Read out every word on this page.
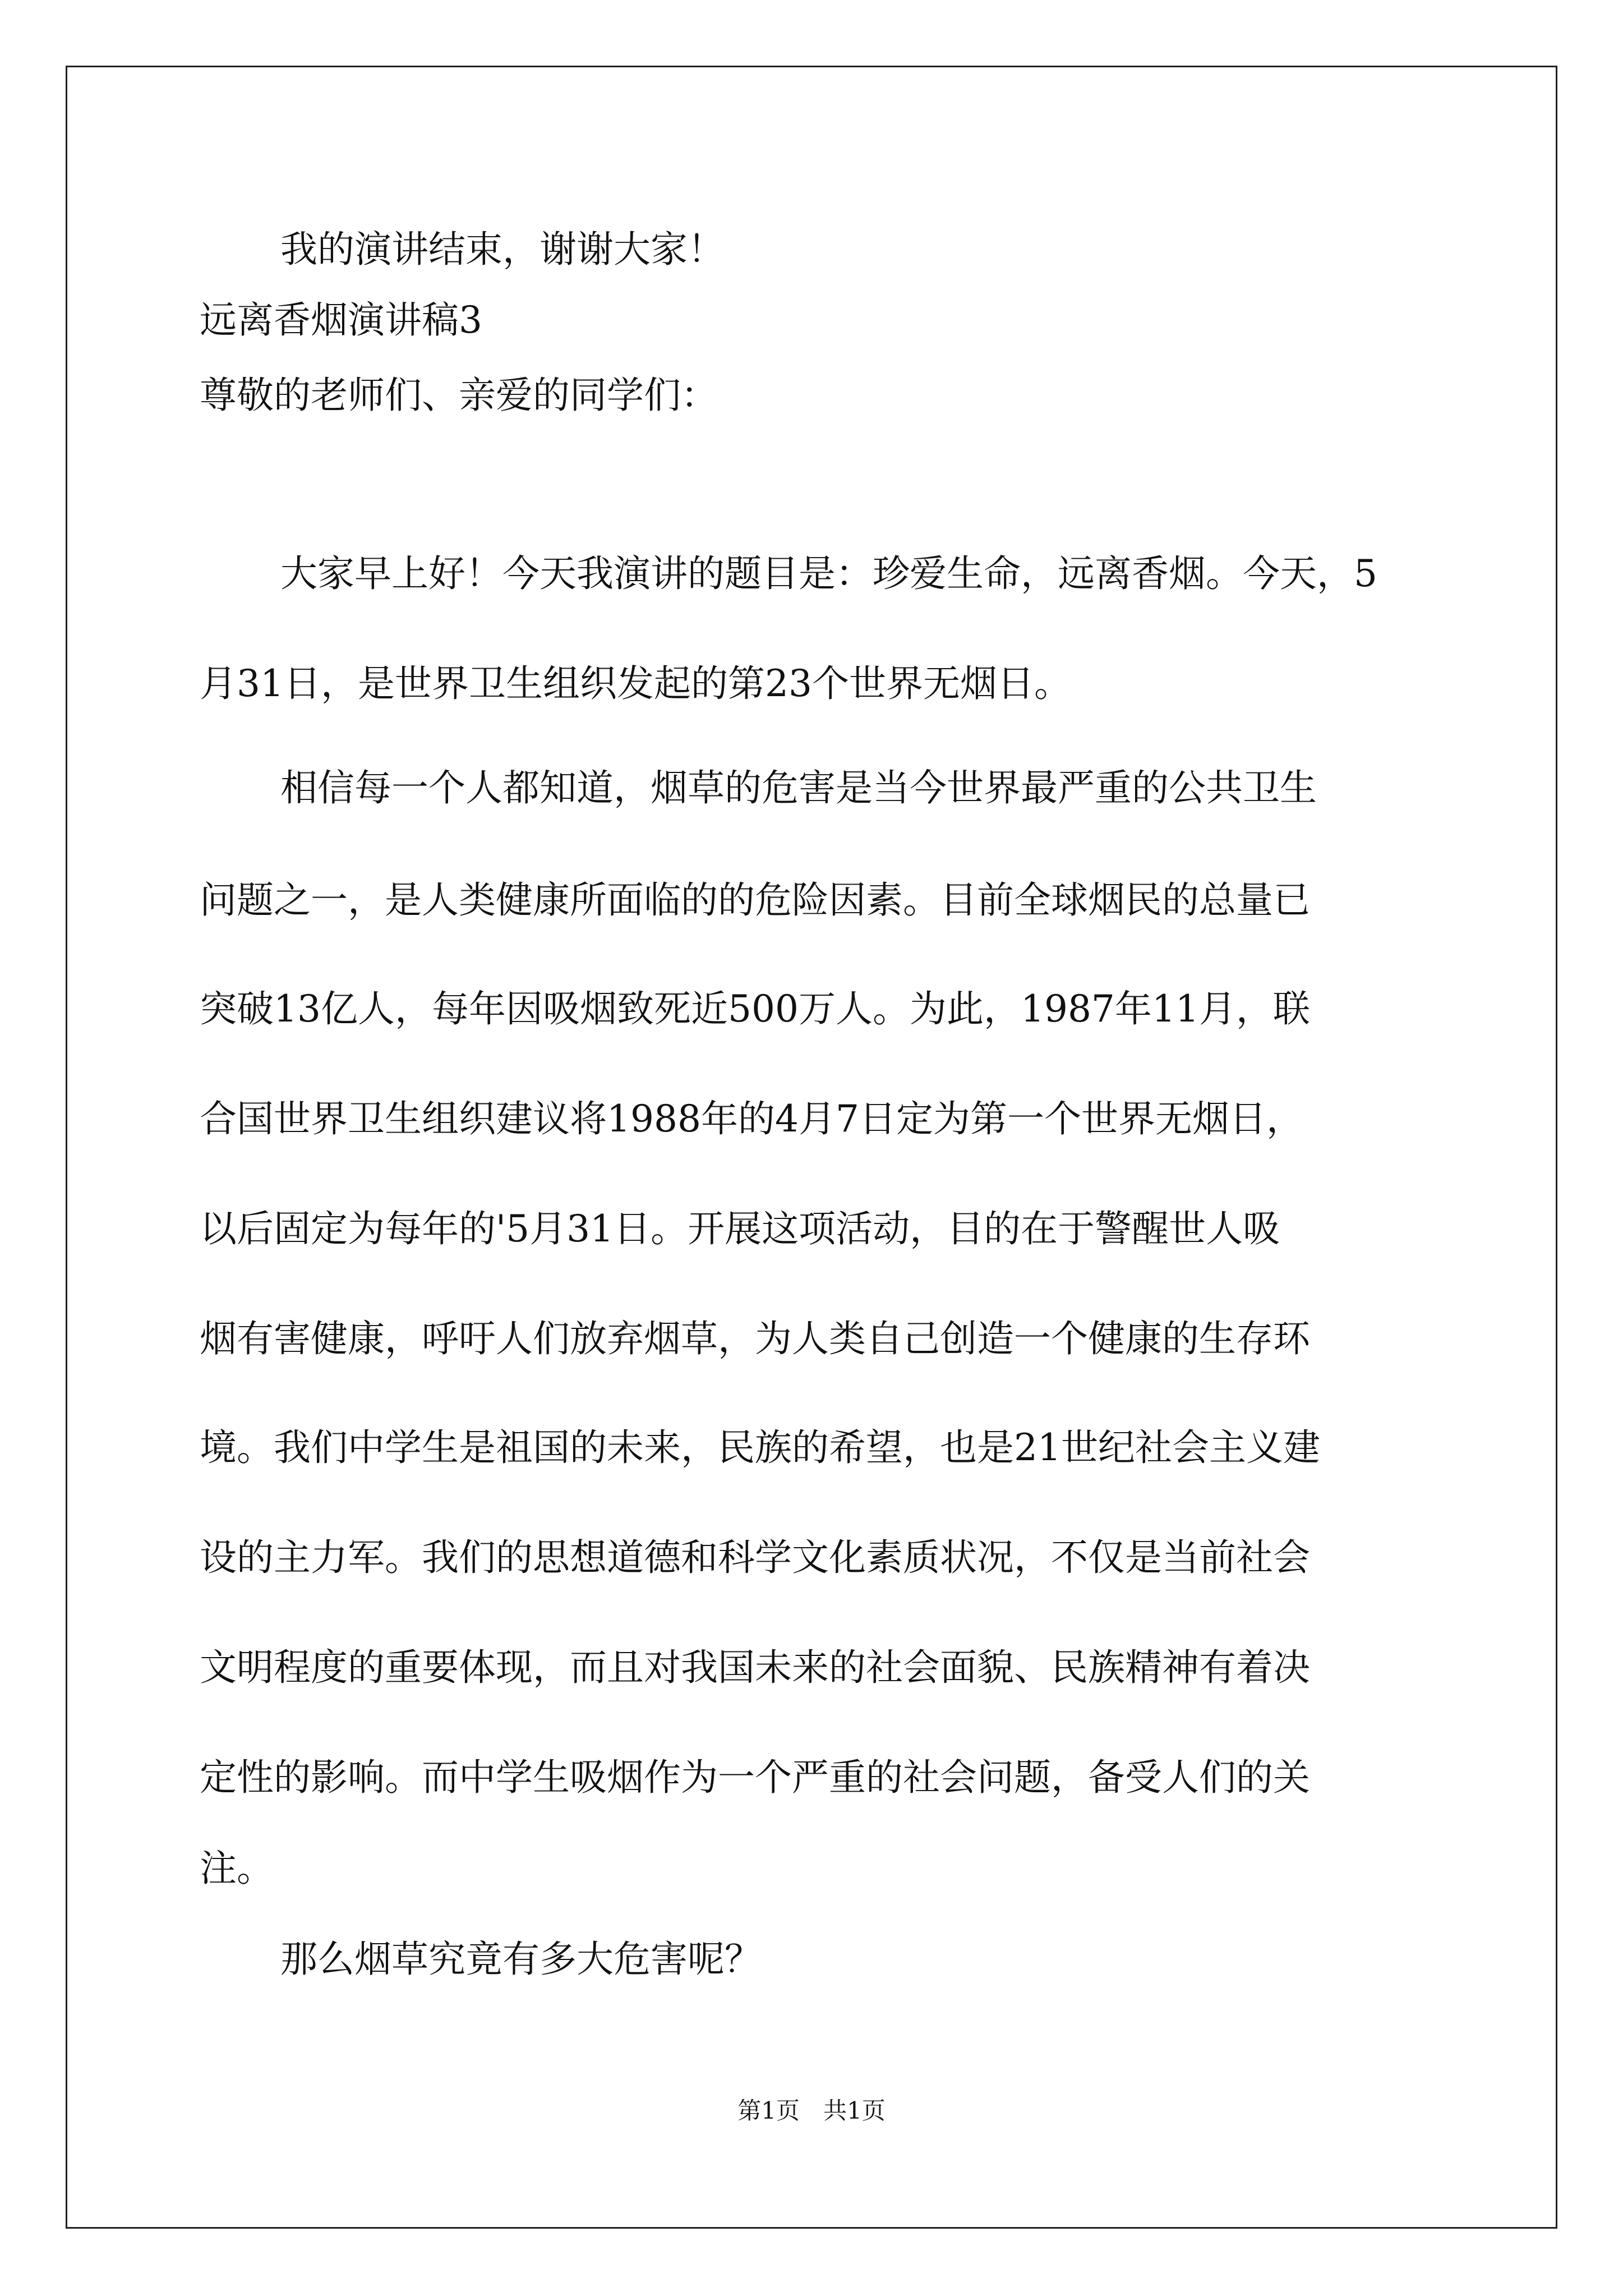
我的演讲结束，谢谢大家！

远离香烟演讲稿3

尊敬的老师们、亲爱的同学们：

大家早上好！今天我演讲的题目是：珍爱生命，远离香烟。今天，5

月31日，是世界卫生组织发起的第23个世界无烟日。

相信每一个人都知道，烟草的危害是当今世界最严重的公共卫生

问题之一，是人类健康所面临的的危险因素。目前全球烟民的总量已

突破13亿人，每年因吸烟致死近500万人。为此，1987年11月，联

合国世界卫生组织建议将1988年的4月7日定为第一个世界无烟日，

以后固定为每年的'5月31日。开展这项活动，目的在于警醒世人吸

烟有害健康，呼吁人们放弃烟草，为人类自己创造一个健康的生存环

境。我们中学生是祖国的未来，民族的希望，也是21世纪社会主义建

设的主力军。我们的思想道德和科学文化素质状况，不仅是当前社会

文明程度的重要体现，而且对我国未来的社会面貌、民族精神有着决

定性的影响。而中学生吸烟作为一个严重的社会问题，备受人们的关

注。

那么烟草究竟有多大危害呢？

第1页　共1页
